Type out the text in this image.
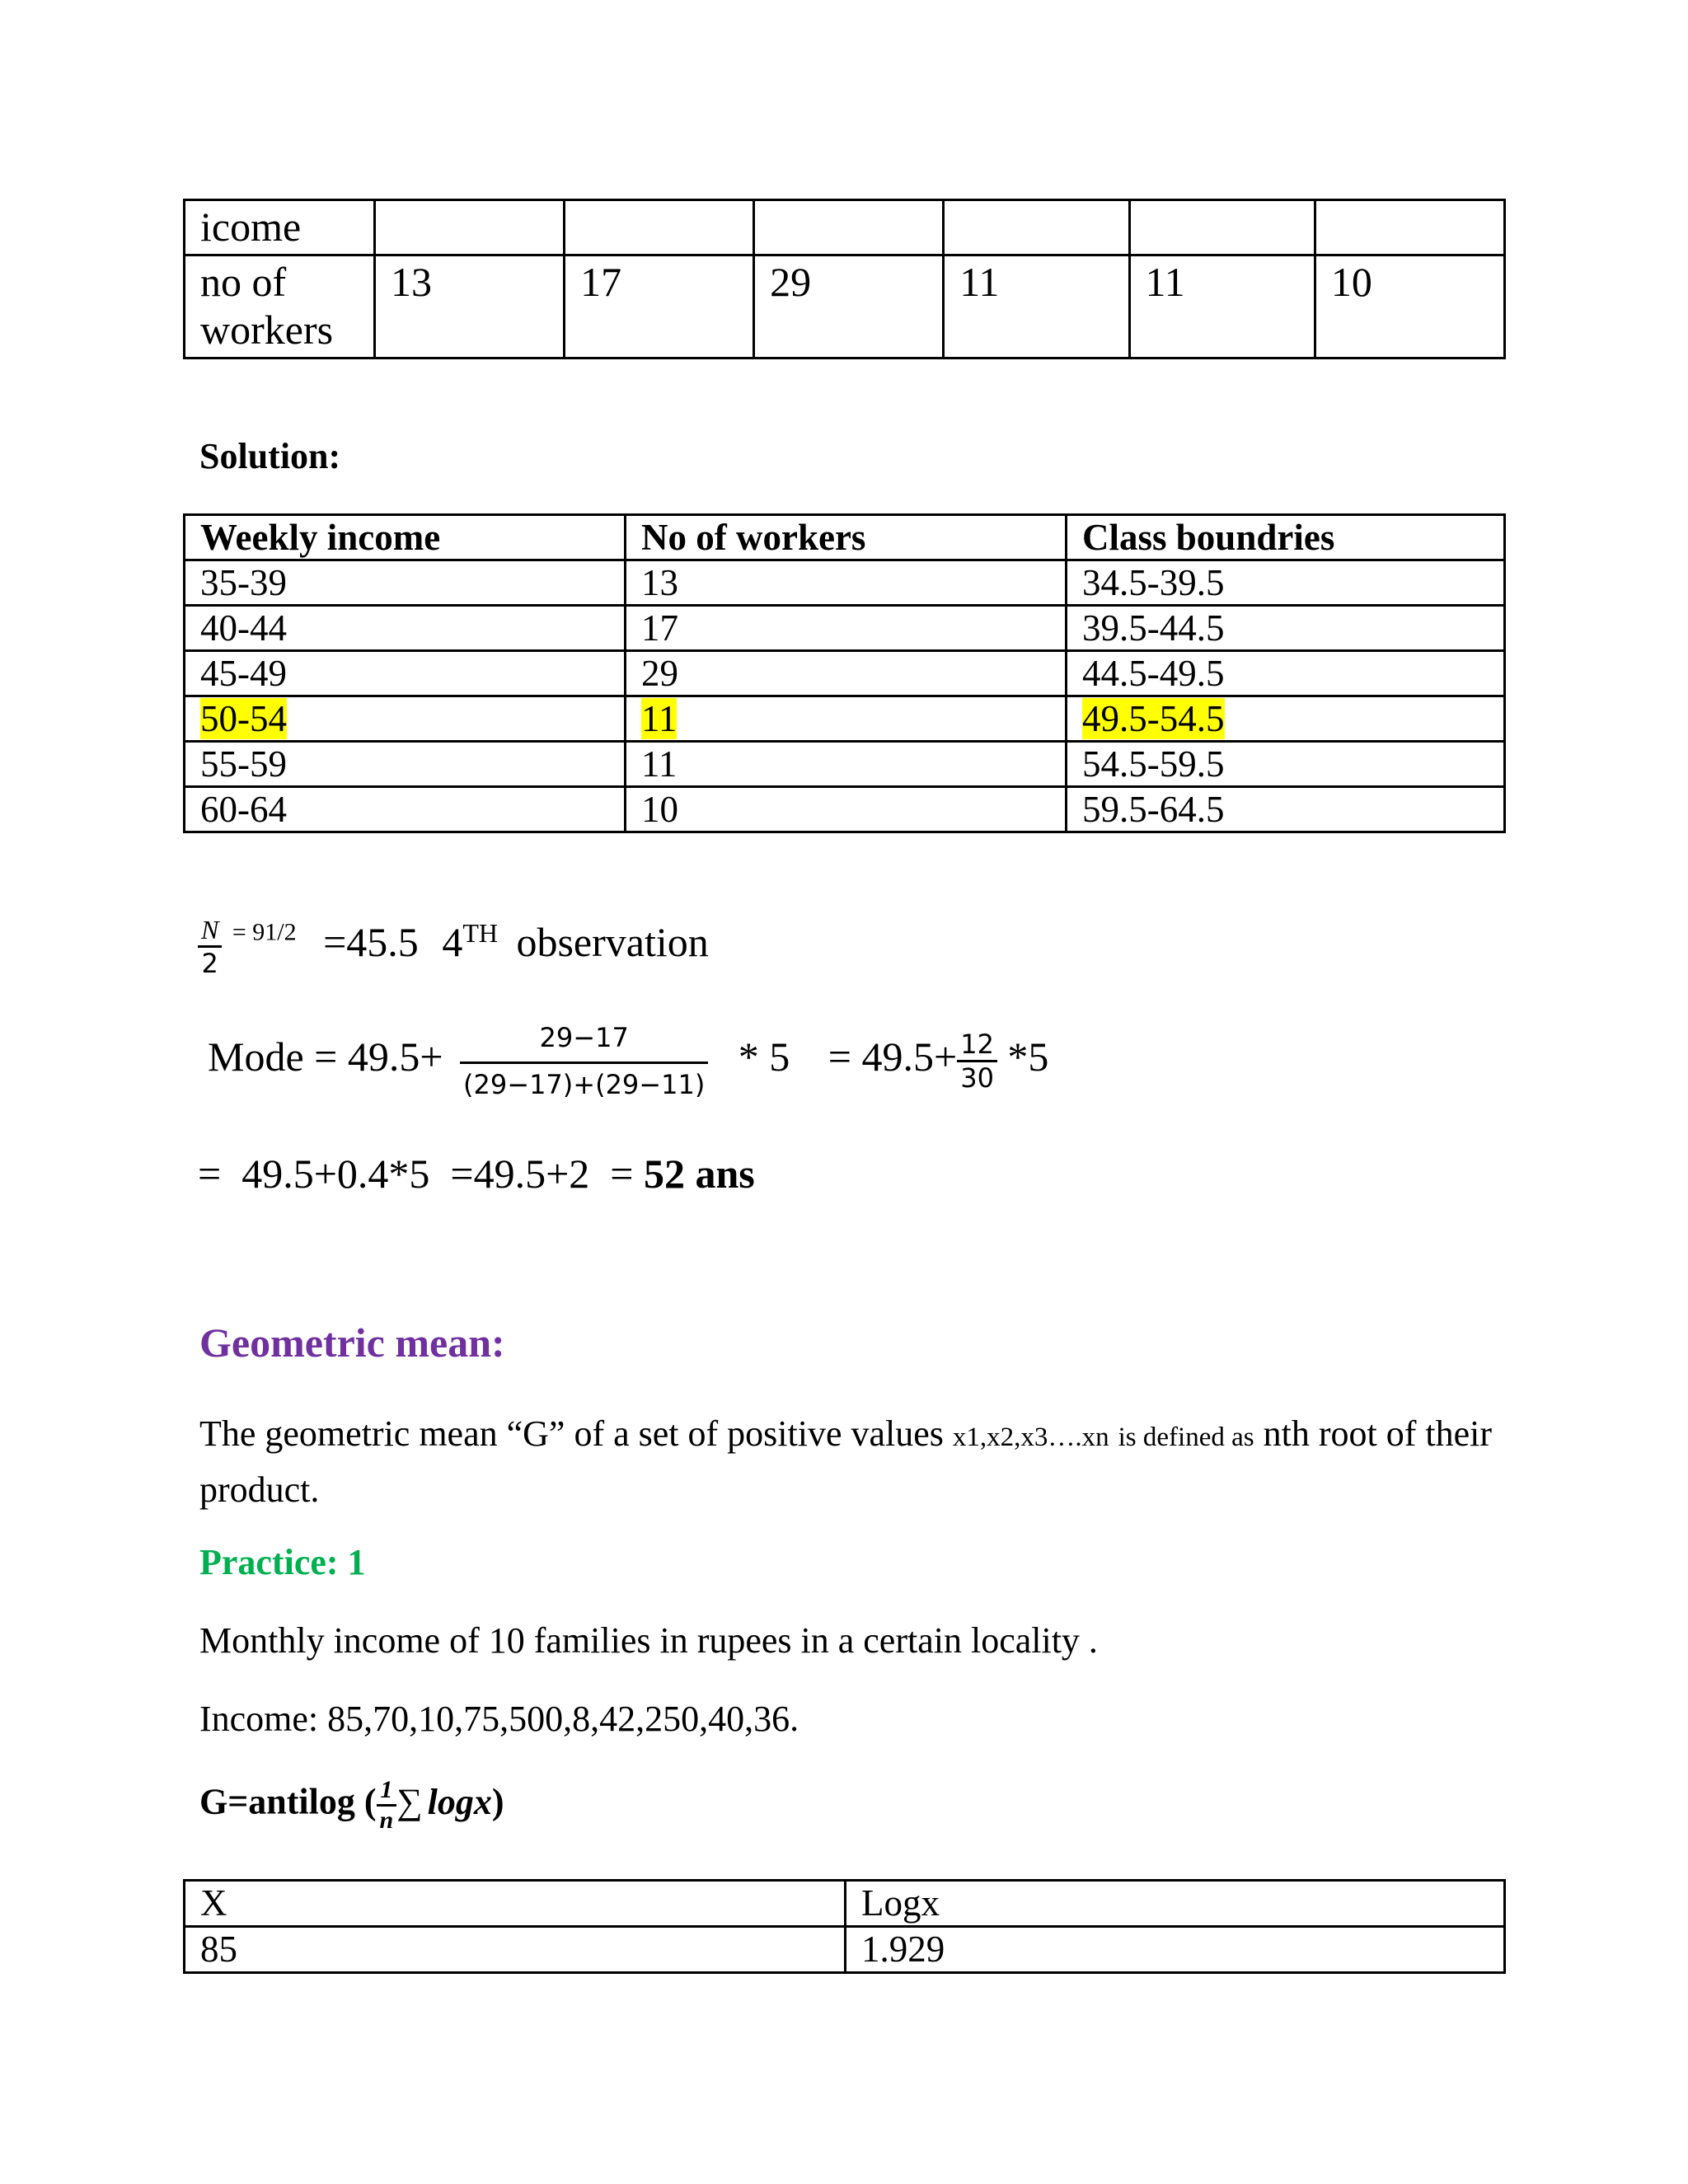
icome						
no of workers	13	17	29	11	11	10
Solution:
Weekly income	No of workers	Class boundries
35-39	13	34.5-39.5
40-44	17	39.5-44.5
45-49	29	44.5-49.5
50-54	11	49.5-54.5
55-59	11	54.5-59.5
60-64	10	59.5-64.5
$\frac{N}{2} ^{= 91/2} =45.5$ 4TH observation
Mode = $49.5+ \frac{29-17}{(29-17)+(29-11)} * 5 = 49.5+ \frac{12}{30} *5$
=  49.5+0.4*5  =49.5+2  = 52 ans
Geometric mean:
The geometric mean “G” of a set of positive values x1,x2,x3….xn is defined as nth root of their product.
Practice: 1
Monthly income of 10 families in rupees in a certain locality .
Income: 85,70,10,75,500,8,42,250,40,36.
G=antilog ( $\frac{1}{n}$ ∑ logx)
X	Logx
85	1.929
